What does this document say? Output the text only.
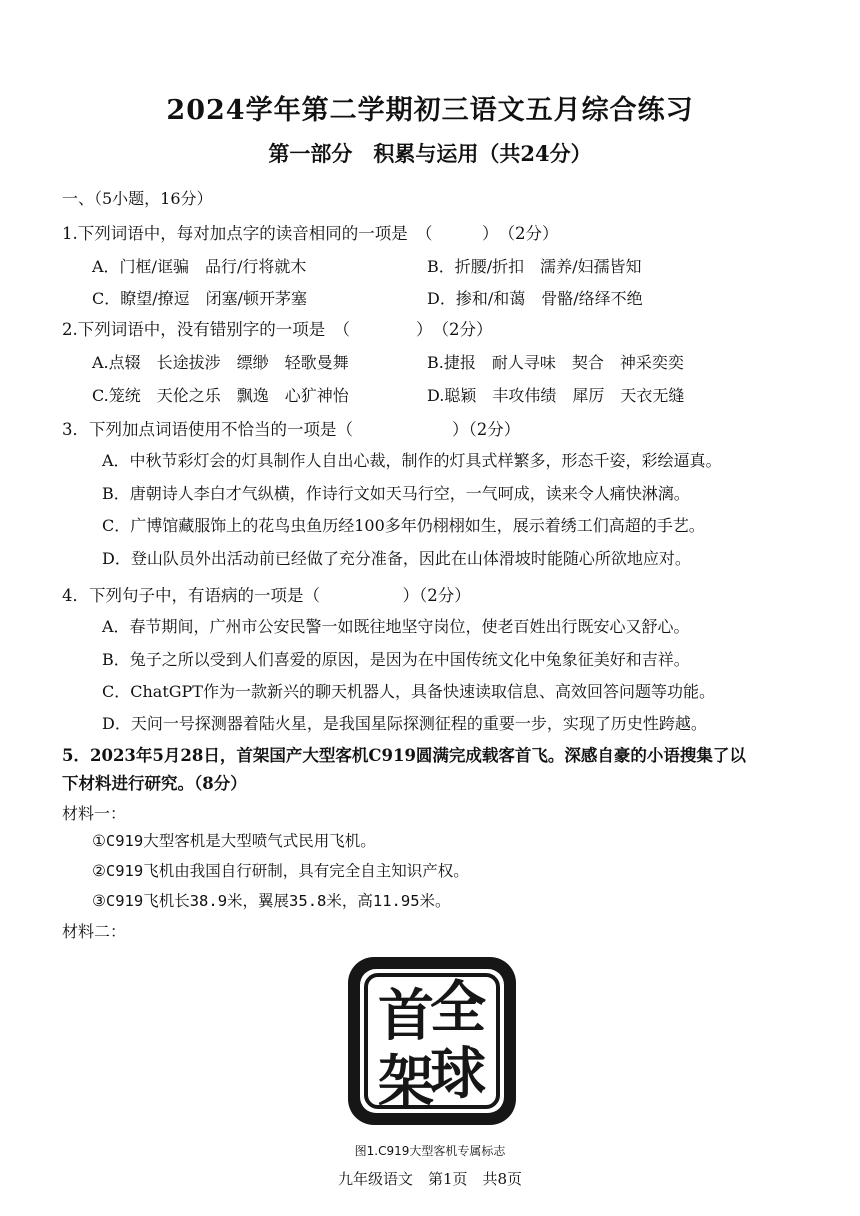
2024学年第二学期初三语文五月综合练习
第一部分　积累与运用（共24分）
一、（5小题，16分）
1.下列词语中，每对加点字的读音相同的一项是　（　　　）　（2分）
A．门框/诓骗　品行/行将就木	B．折腰/折扣　濡养/妇孺皆知
C．瞭望/撩逗　闭塞/顿开茅塞	D．掺和/和蔼　骨骼/络绎不绝
2.下列词语中，没有错别字的一项是　（　　　　）　（2分）
A.点辍　长途拔涉　缥缈　轻歌曼舞	B.捷报　耐人寻味　契合　神采奕奕
C.笼统　天伦之乐　飘逸　心犷神怡	D.聪颖　丰攻伟绩　犀厉　天衣无缝
3．下列加点词语使用不恰当的一项是（　　　　　　）（2分）
A．中秋节彩灯会的灯具制作人自出心裁，制作的灯具式样繁多，形态千姿，彩绘逼真。
B．唐朝诗人李白才气纵横，作诗行文如天马行空，一气呵成，读来令人痛快淋漓。
C．广博馆藏服饰上的花鸟虫鱼历经100多年仍栩栩如生，展示着绣工们高超的手艺。
D．登山队员外出活动前已经做了充分准备，因此在山体滑坡时能随心所欲地应对。
4．下列句子中，有语病的一项是（　　　　　）（2分）
A．春节期间，广州市公安民警一如既往地坚守岗位，使老百姓出行既安心又舒心。
B．兔子之所以受到人们喜爱的原因，是因为在中国传统文化中兔象征美好和吉祥。
C．ChatGPT作为一款新兴的聊天机器人，具备快速读取信息、高效回答问题等功能。
D．天问一号探测器着陆火星，是我国星际探测征程的重要一步，实现了历史性跨越。
5．2023年5月28日，首架国产大型客机C919圆满完成载客首飞。深感自豪的小语搜集了以
下材料进行研究。（8分）
材料一：
①C919大型客机是大型喷气式民用飞机。
②C919飞机由我国自行研制，具有完全自主知识产权。
③C919飞机长38.9米，翼展35.8米，高11.95米。
材料二：
全
首
球
架
图1.C919大型客机专属标志
九年级语文　第1页　共8页
